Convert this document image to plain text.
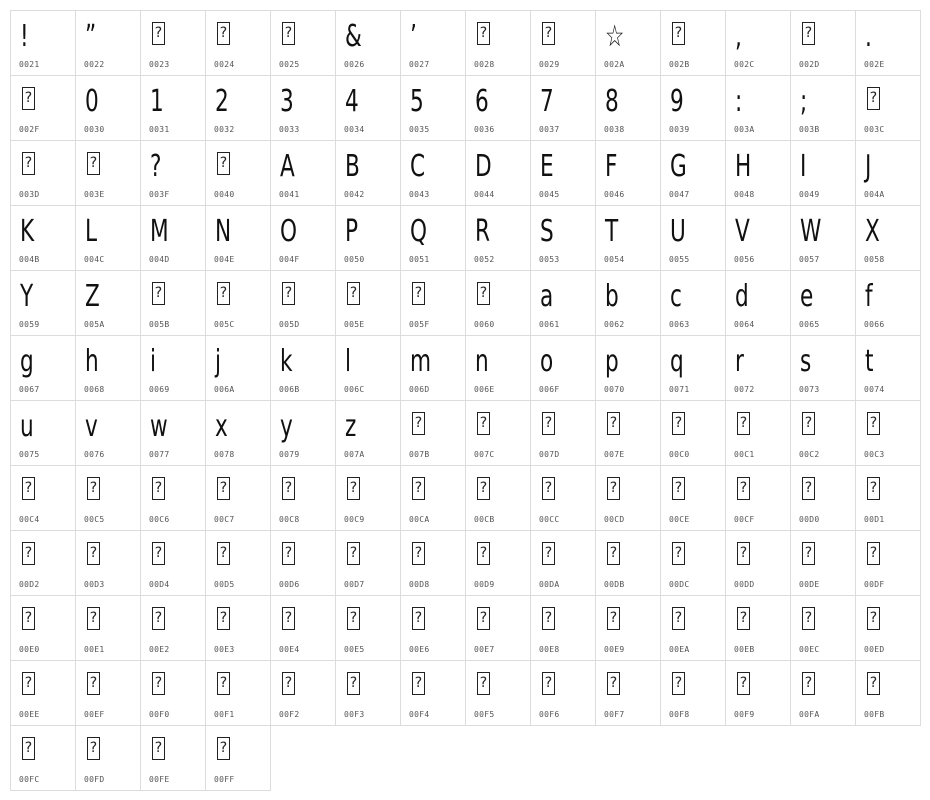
!
0021
”
0022
?
0023
?
0024
?
0025
&
0026
’
0027
?
0028
?
0029
☆
002A
?
002B
,
002C
?
002D
.
002E
?
002F
0
0030
1
0031
2
0032
3
0033
4
0034
5
0035
6
0036
7
0037
8
0038
9
0039
:
003A
;
003B
?
003C
?
003D
?
003E
?
003F
?
0040
A
0041
B
0042
C
0043
D
0044
E
0045
F
0046
G
0047
H
0048
I
0049
J
004A
K
004B
L
004C
M
004D
N
004E
O
004F
P
0050
Q
0051
R
0052
S
0053
T
0054
U
0055
V
0056
W
0057
X
0058
Y
0059
Z
005A
?
005B
?
005C
?
005D
?
005E
?
005F
?
0060
a
0061
b
0062
c
0063
d
0064
e
0065
f
0066
g
0067
h
0068
i
0069
j
006A
k
006B
l
006C
m
006D
n
006E
o
006F
p
0070
q
0071
r
0072
s
0073
t
0074
u
0075
v
0076
w
0077
x
0078
y
0079
z
007A
?
007B
?
007C
?
007D
?
007E
?
00C0
?
00C1
?
00C2
?
00C3
?
00C4
?
00C5
?
00C6
?
00C7
?
00C8
?
00C9
?
00CA
?
00CB
?
00CC
?
00CD
?
00CE
?
00CF
?
00D0
?
00D1
?
00D2
?
00D3
?
00D4
?
00D5
?
00D6
?
00D7
?
00D8
?
00D9
?
00DA
?
00DB
?
00DC
?
00DD
?
00DE
?
00DF
?
00E0
?
00E1
?
00E2
?
00E3
?
00E4
?
00E5
?
00E6
?
00E7
?
00E8
?
00E9
?
00EA
?
00EB
?
00EC
?
00ED
?
00EE
?
00EF
?
00F0
?
00F1
?
00F2
?
00F3
?
00F4
?
00F5
?
00F6
?
00F7
?
00F8
?
00F9
?
00FA
?
00FB
?
00FC
?
00FD
?
00FE
?
00FF
